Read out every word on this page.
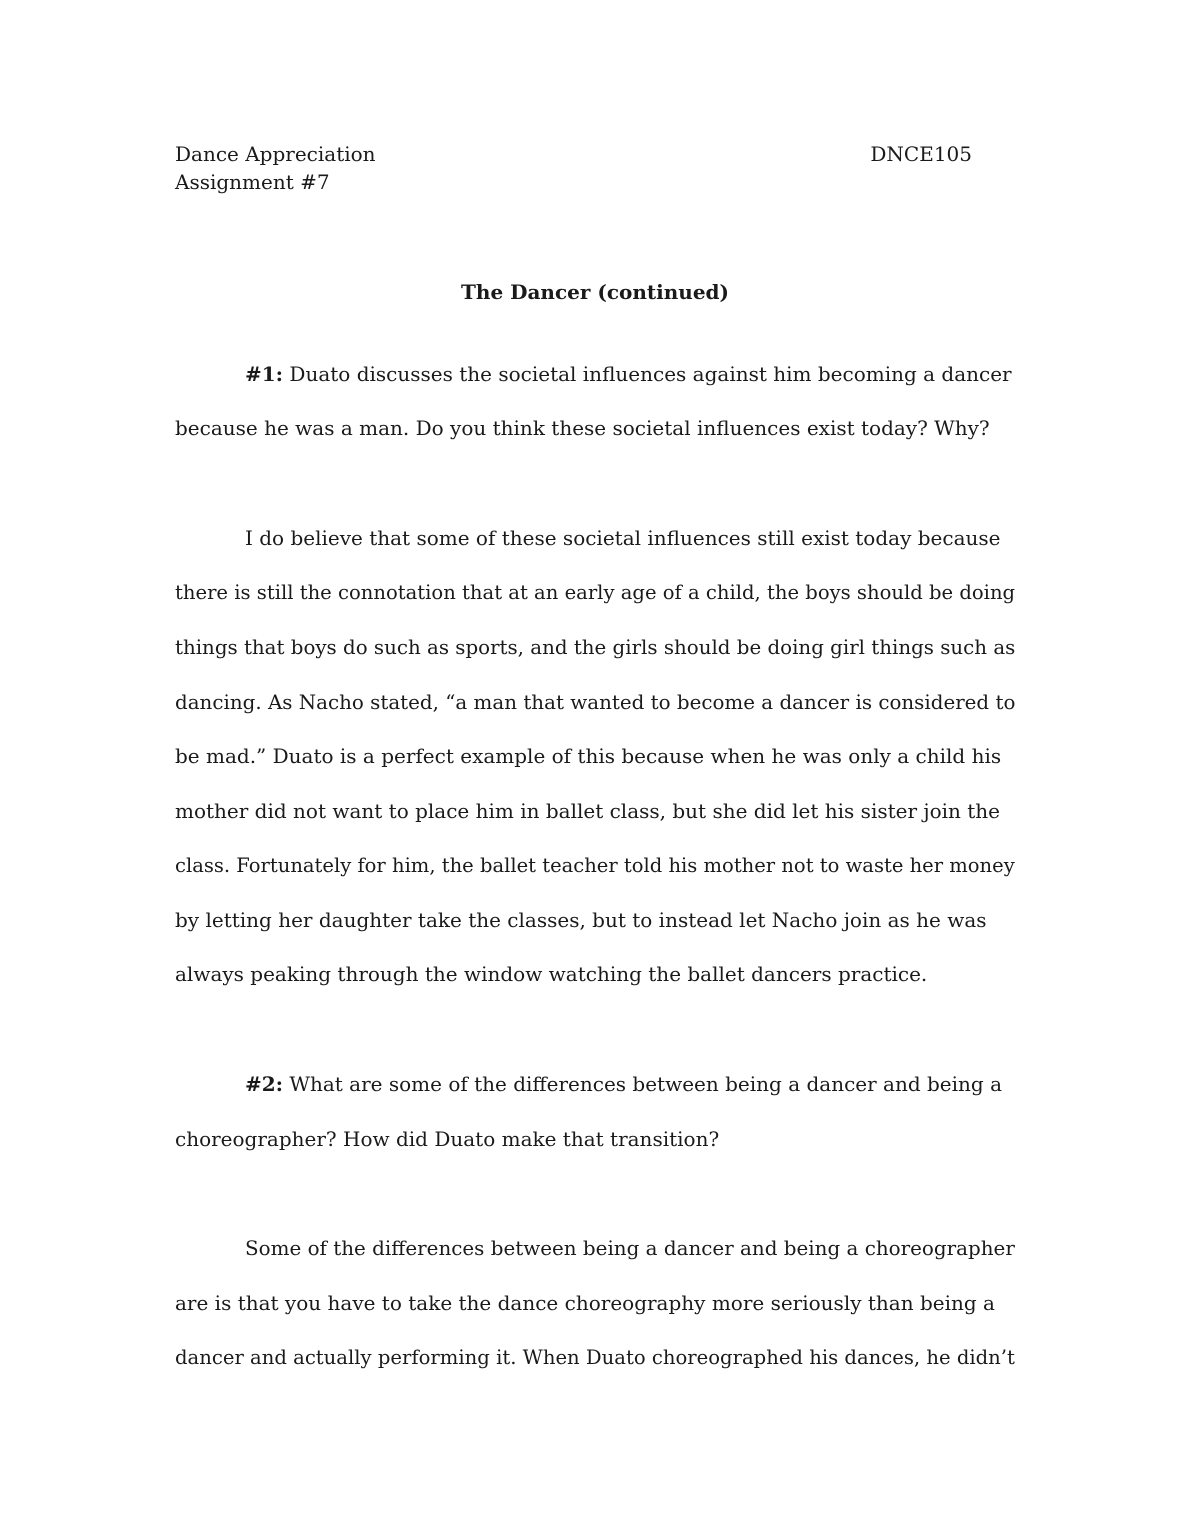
Dance Appreciation	DNCE105
Assignment #7
The Dancer (continued)
#1: Duato discusses the societal influences against him becoming a dancer
because he was a man. Do you think these societal influences exist today? Why?
I do believe that some of these societal influences still exist today because
there is still the connotation that at an early age of a child, the boys should be doing
things that boys do such as sports, and the girls should be doing girl things such as
dancing. As Nacho stated, “a man that wanted to become a dancer is considered to
be mad.” Duato is a perfect example of this because when he was only a child his
mother did not want to place him in ballet class, but she did let his sister join the
class. Fortunately for him, the ballet teacher told his mother not to waste her money
by letting her daughter take the classes, but to instead let Nacho join as he was
always peaking through the window watching the ballet dancers practice.
#2: What are some of the differences between being a dancer and being a
choreographer? How did Duato make that transition?
Some of the differences between being a dancer and being a choreographer
are is that you have to take the dance choreography more seriously than being a
dancer and actually performing it. When Duato choreographed his dances, he didn’t
